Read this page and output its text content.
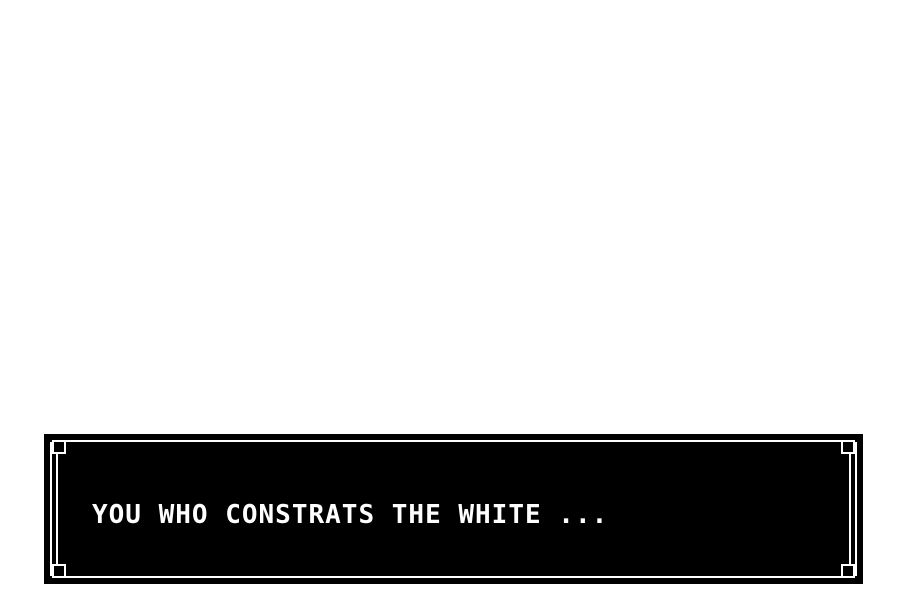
YOU WHO CONSTRATS THE WHITE ...
